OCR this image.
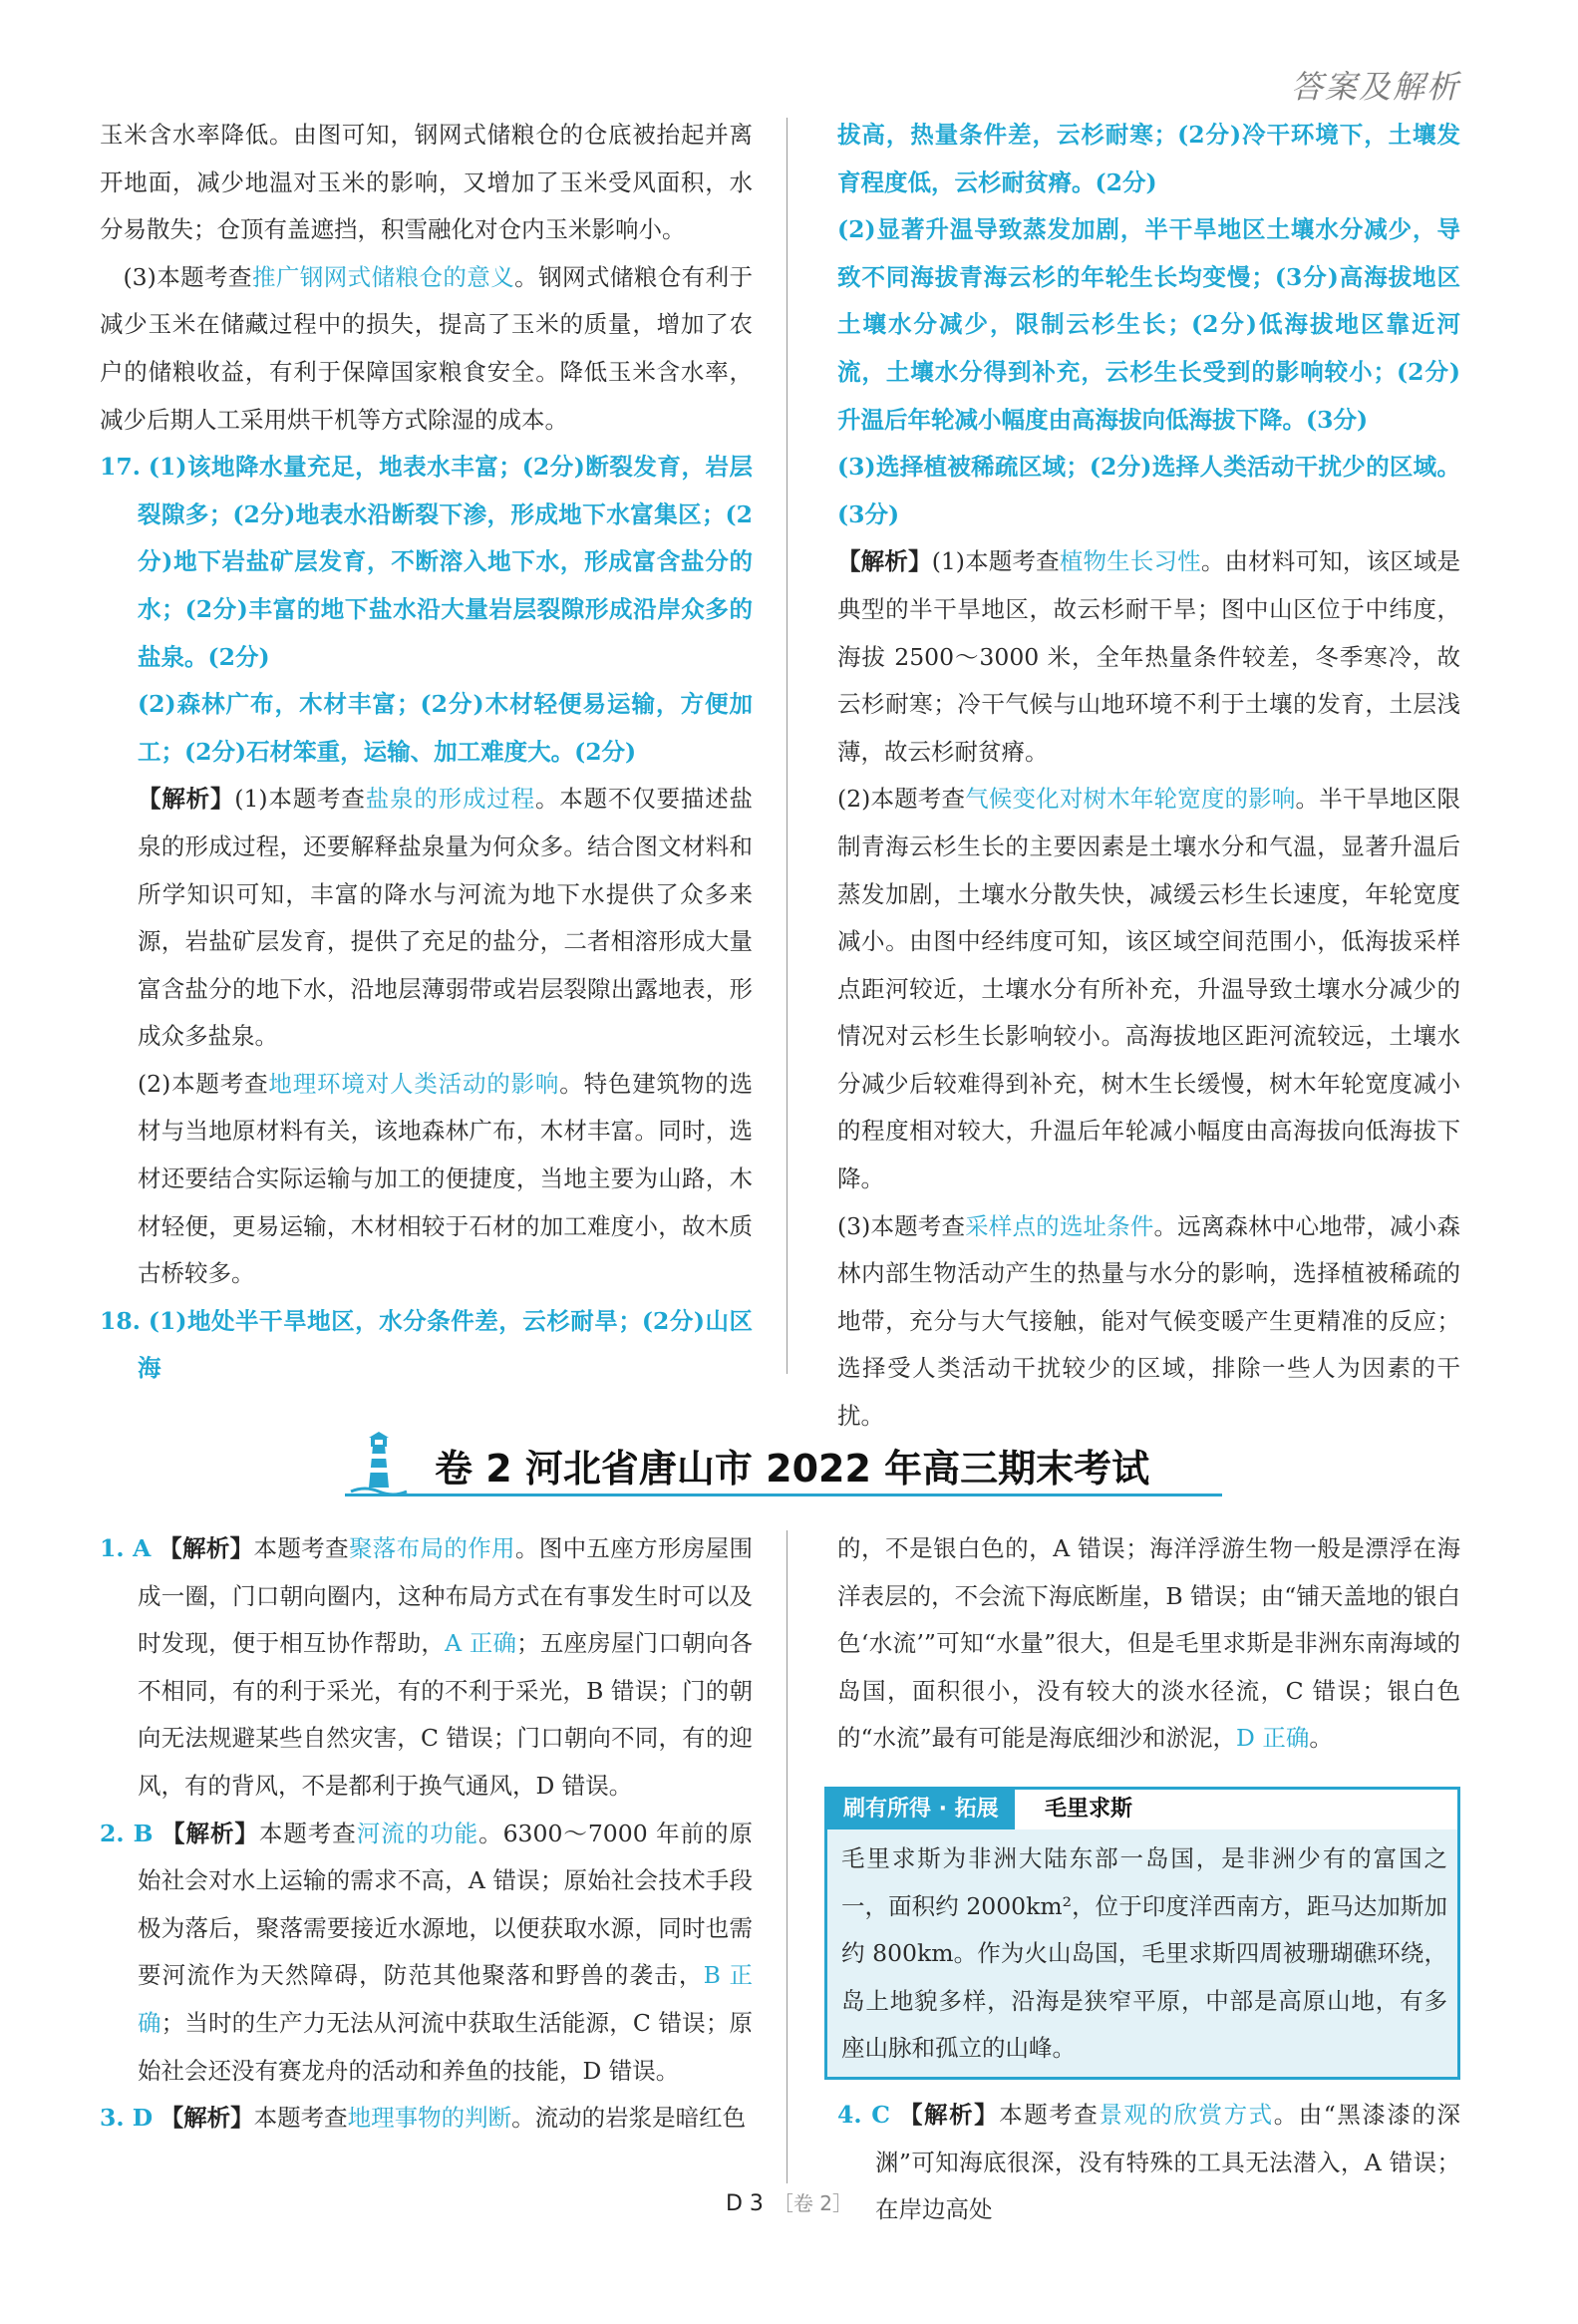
答案及解析

玉米含水率降低。由图可知，钢网式储粮仓的仓底被抬起并离开地面，减少地温对玉米的影响，又增加了玉米受风面积，水分易散失；仓顶有盖遮挡，积雪融化对仓内玉米影响小。

(3)本题考查推广钢网式储粮仓的意义。钢网式储粮仓有利于减少玉米在储藏过程中的损失，提高了玉米的质量，增加了农户的储粮收益，有利于保障国家粮食安全。降低玉米含水率，减少后期人工采用烘干机等方式除湿的成本。

17. (1)该地降水量充足，地表水丰富；(2分)断裂发育，岩层裂隙多；(2分)地表水沿断裂下渗，形成地下水富集区；(2分)地下岩盐矿层发育，不断溶入地下水，形成富含盐分的水；(2分)丰富的地下盐水沿大量岩层裂隙形成沿岸众多的盐泉。(2分)

(2)森林广布，木材丰富；(2分)木材轻便易运输，方便加工；(2分)石材笨重，运输、加工难度大。(2分)

【解析】(1)本题考查盐泉的形成过程。本题不仅要描述盐泉的形成过程，还要解释盐泉量为何众多。结合图文材料和所学知识可知，丰富的降水与河流为地下水提供了众多来源，岩盐矿层发育，提供了充足的盐分，二者相溶形成大量富含盐分的地下水，沿地层薄弱带或岩层裂隙出露地表，形成众多盐泉。

(2)本题考查地理环境对人类活动的影响。特色建筑物的选材与当地原材料有关，该地森林广布，木材丰富。同时，选材还要结合实际运输与加工的便捷度，当地主要为山路，木材轻便，更易运输，木材相较于石材的加工难度小，故木质古桥较多。

18. (1)地处半干旱地区，水分条件差，云杉耐旱；(2分)山区海

拔高，热量条件差，云杉耐寒；(2分)冷干环境下，土壤发育程度低，云杉耐贫瘠。(2分)

(2)显著升温导致蒸发加剧，半干旱地区土壤水分减少，导致不同海拔青海云杉的年轮生长均变慢；(3分)高海拔地区土壤水分减少，限制云杉生长；(2分)低海拔地区靠近河流，土壤水分得到补充，云杉生长受到的影响较小；(2分)升温后年轮减小幅度由高海拔向低海拔下降。(3分)

(3)选择植被稀疏区域；(2分)选择人类活动干扰少的区域。(3分)

【解析】(1)本题考查植物生长习性。由材料可知，该区域是典型的半干旱地区，故云杉耐干旱；图中山区位于中纬度，海拔 2500～3000 米，全年热量条件较差，冬季寒冷，故云杉耐寒；冷干气候与山地环境不利于土壤的发育，土层浅薄，故云杉耐贫瘠。

(2)本题考查气候变化对树木年轮宽度的影响。半干旱地区限制青海云杉生长的主要因素是土壤水分和气温，显著升温后蒸发加剧，土壤水分散失快，减缓云杉生长速度，年轮宽度减小。由图中经纬度可知，该区域空间范围小，低海拔采样点距河较近，土壤水分有所补充，升温导致土壤水分减少的情况对云杉生长影响较小。高海拔地区距河流较远，土壤水分减少后较难得到补充，树木生长缓慢，树木年轮宽度减小的程度相对较大，升温后年轮减小幅度由高海拔向低海拔下降。

(3)本题考查采样点的选址条件。远离森林中心地带，减小森林内部生物活动产生的热量与水分的影响，选择植被稀疏的地带，充分与大气接触，能对气候变暖产生更精准的反应；选择受人类活动干扰较少的区域，排除一些人为因素的干扰。

卷 2 河北省唐山市 2022 年高三期末考试

1. A 【解析】本题考查聚落布局的作用。图中五座方形房屋围成一圈，门口朝向圈内，这种布局方式在有事发生时可以及时发现，便于相互协作帮助，A 正确；五座房屋门口朝向各不相同，有的利于采光，有的不利于采光，B 错误；门的朝向无法规避某些自然灾害，C 错误；门口朝向不同，有的迎风，有的背风，不是都利于换气通风，D 错误。

2. B 【解析】本题考查河流的功能。6300～7000 年前的原始社会对水上运输的需求不高，A 错误；原始社会技术手段极为落后，聚落需要接近水源地，以便获取水源，同时也需要河流作为天然障碍，防范其他聚落和野兽的袭击，B 正确；当时的生产力无法从河流中获取生活能源，C 错误；原始社会还没有赛龙舟的活动和养鱼的技能，D 错误。

3. D 【解析】本题考查地理事物的判断。流动的岩浆是暗红色

的，不是银白色的，A 错误；海洋浮游生物一般是漂浮在海洋表层的，不会流下海底断崖，B 错误；由“铺天盖地的银白色‘水流’”可知“水量”很大，但是毛里求斯是非洲东南海域的岛国，面积很小，没有较大的淡水径流，C 错误；银白色的“水流”最有可能是海底细沙和淤泥，D 正确。

刷有所得 · 拓展	毛里求斯
毛里求斯为非洲大陆东部一岛国，是非洲少有的富国之一，面积约 2000km²，位于印度洋西南方，距马达加斯加约 800km。作为火山岛国，毛里求斯四周被珊瑚礁环绕，岛上地貌多样，沿海是狭窄平原，中部是高原山地，有多座山脉和孤立的山峰。

4. C 【解析】本题考查景观的欣赏方式。由“黑漆漆的深渊”可知海底很深，没有特殊的工具无法潜入，A 错误；在岸边高处

D 3 ［卷 2］
